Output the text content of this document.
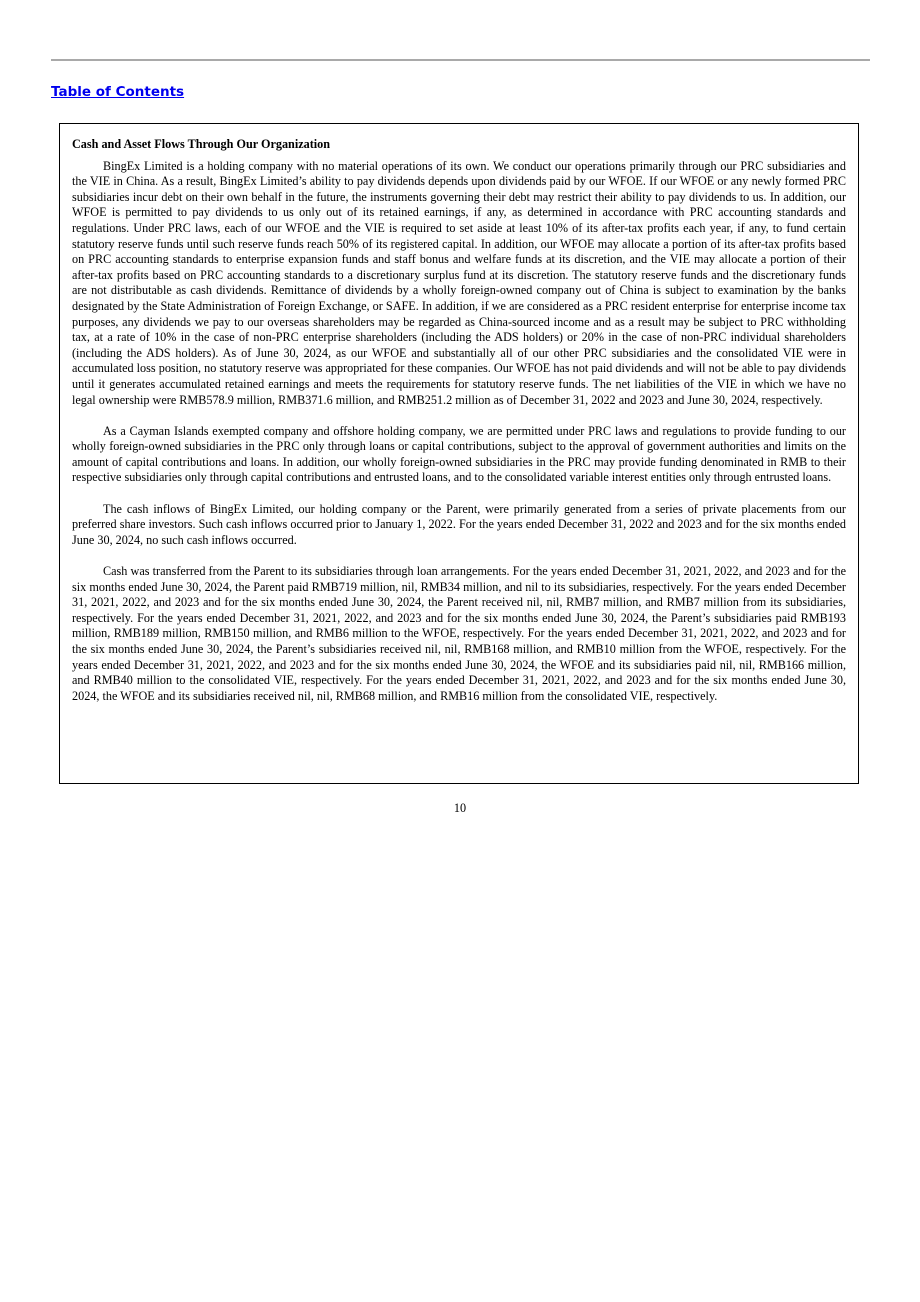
Table of Contents
Cash and Asset Flows Through Our Organization

BingEx Limited is a holding company with no material operations of its own. We conduct our operations primarily through our PRC subsidiaries and the VIE in China. As a result, BingEx Limited’s ability to pay dividends depends upon dividends paid by our WFOE. If our WFOE or any newly formed PRC subsidiaries incur debt on their own behalf in the future, the instruments governing their debt may restrict their ability to pay dividends to us. In addition, our WFOE is permitted to pay dividends to us only out of its retained earnings, if any, as determined in accordance with PRC accounting standards and regulations. Under PRC laws, each of our WFOE and the VIE is required to set aside at least 10% of its after-tax profits each year, if any, to fund certain statutory reserve funds until such reserve funds reach 50% of its registered capital. In addition, our WFOE may allocate a portion of its after-tax profits based on PRC accounting standards to enterprise expansion funds and staff bonus and welfare funds at its discretion, and the VIE may allocate a portion of their after-tax profits based on PRC accounting standards to a discretionary surplus fund at its discretion. The statutory reserve funds and the discretionary funds are not distributable as cash dividends. Remittance of dividends by a wholly foreign-owned company out of China is subject to examination by the banks designated by the State Administration of Foreign Exchange, or SAFE. In addition, if we are considered as a PRC resident enterprise for enterprise income tax purposes, any dividends we pay to our overseas shareholders may be regarded as China-sourced income and as a result may be subject to PRC withholding tax, at a rate of 10% in the case of non-PRC enterprise shareholders (including the ADS holders) or 20% in the case of non-PRC individual shareholders (including the ADS holders). As of June 30, 2024, as our WFOE and substantially all of our other PRC subsidiaries and the consolidated VIE were in accumulated loss position, no statutory reserve was appropriated for these companies. Our WFOE has not paid dividends and will not be able to pay dividends until it generates accumulated retained earnings and meets the requirements for statutory reserve funds. The net liabilities of the VIE in which we have no legal ownership were RMB578.9 million, RMB371.6 million, and RMB251.2 million as of December 31, 2022 and 2023 and June 30, 2024, respectively.

As a Cayman Islands exempted company and offshore holding company, we are permitted under PRC laws and regulations to provide funding to our wholly foreign-owned subsidiaries in the PRC only through loans or capital contributions, subject to the approval of government authorities and limits on the amount of capital contributions and loans. In addition, our wholly foreign-owned subsidiaries in the PRC may provide funding denominated in RMB to their respective subsidiaries only through capital contributions and entrusted loans, and to the consolidated variable interest entities only through entrusted loans.

The cash inflows of BingEx Limited, our holding company or the Parent, were primarily generated from a series of private placements from our preferred share investors. Such cash inflows occurred prior to January 1, 2022. For the years ended December 31, 2022 and 2023 and for the six months ended June 30, 2024, no such cash inflows occurred.

Cash was transferred from the Parent to its subsidiaries through loan arrangements. For the years ended December 31, 2021, 2022, and 2023 and for the six months ended June 30, 2024, the Parent paid RMB719 million, nil, RMB34 million, and nil to its subsidiaries, respectively. For the years ended December 31, 2021, 2022, and 2023 and for the six months ended June 30, 2024, the Parent received nil, nil, RMB7 million, and RMB7 million from its subsidiaries, respectively. For the years ended December 31, 2021, 2022, and 2023 and for the six months ended June 30, 2024, the Parent’s subsidiaries paid RMB193 million, RMB189 million, RMB150 million, and RMB6 million to the WFOE, respectively. For the years ended December 31, 2021, 2022, and 2023 and for the six months ended June 30, 2024, the Parent’s subsidiaries received nil, nil, RMB168 million, and RMB10 million from the WFOE, respectively. For the years ended December 31, 2021, 2022, and 2023 and for the six months ended June 30, 2024, the WFOE and its subsidiaries paid nil, nil, RMB166 million, and RMB40 million to the consolidated VIE, respectively. For the years ended December 31, 2021, 2022, and 2023 and for the six months ended June 30, 2024, the WFOE and its subsidiaries received nil, nil, RMB68 million, and RMB16 million from the consolidated VIE, respectively.

10
